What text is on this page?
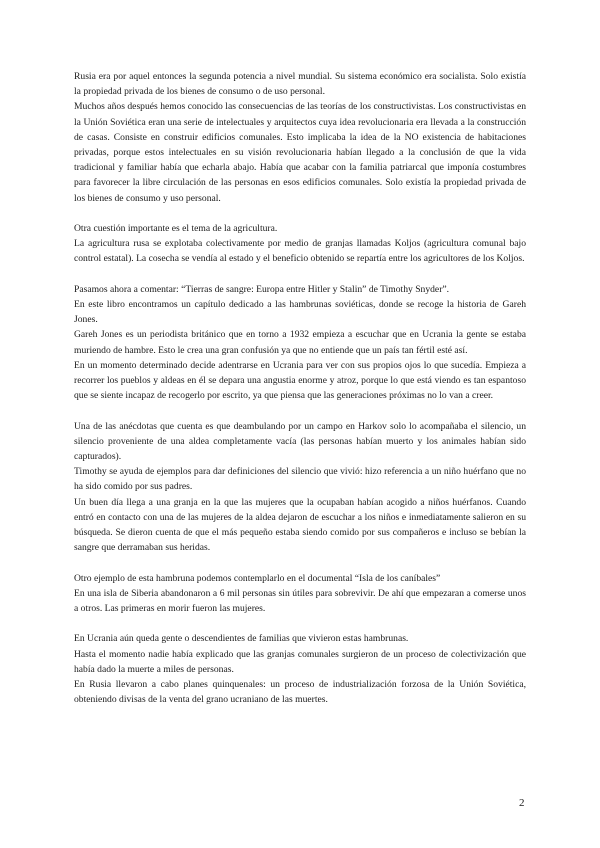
Rusia era por aquel entonces la segunda potencia a nivel mundial. Su sistema económico era socialista. Solo existía la propiedad privada de los bienes de consumo o de uso personal.

Muchos años después hemos conocido las consecuencias de las teorías de los constructivistas. Los constructivistas en la Unión Soviética eran una serie de intelectuales y arquitectos cuya idea revolucionaria era llevada a la construcción de casas. Consiste en construir edificios comunales. Esto implicaba la idea de la NO existencia de habitaciones privadas, porque estos intelectuales en su visión revolucionaria habían llegado a la conclusión de que la vida tradicional y familiar había que echarla abajo. Había que acabar con la familia patriarcal que imponía costumbres para favorecer la libre circulación de las personas en esos edificios comunales. Solo existía la propiedad privada de los bienes de consumo y uso personal.

Otra cuestión importante es el tema de la agricultura.

La agricultura rusa se explotaba colectivamente por medio de granjas llamadas Koljos (agricultura comunal bajo control estatal). La cosecha se vendía al estado y el beneficio obtenido se repartía entre los agricultores de los Koljos.

Pasamos ahora a comentar: “Tierras de sangre: Europa entre Hitler y Stalin” de Timothy Snyder”.

En este libro encontramos un capítulo dedicado a las hambrunas soviéticas, donde se recoge la historia de Gareh Jones.

Gareh Jones es un periodista británico que en torno a 1932 empieza a escuchar que en Ucrania la gente se estaba muriendo de hambre. Esto le crea una gran confusión ya que no entiende que un país tan fértil esté así.

En un momento determinado decide adentrarse en Ucrania para ver con sus propios ojos lo que sucedía. Empieza a recorrer los pueblos y aldeas en él se depara una angustia enorme y atroz, porque lo que está viendo es tan espantoso que se siente incapaz de recogerlo por escrito, ya que piensa que las generaciones próximas no lo van a creer.

Una de las anécdotas que cuenta es que deambulando por un campo en Harkov solo lo acompañaba el silencio, un silencio proveniente de una aldea completamente vacía (las personas habían muerto y los animales habían sido capturados).

Timothy se ayuda de ejemplos para dar definiciones del silencio que vivió: hizo referencia a un niño huérfano que no ha sido comido por sus padres.

Un buen día llega a una granja en la que las mujeres que la ocupaban habían acogido a niños huérfanos. Cuando entró en contacto con una de las mujeres de la aldea dejaron de escuchar a los niños e inmediatamente salieron en su búsqueda. Se dieron cuenta de que el más pequeño estaba siendo comido por sus compañeros e incluso se bebían la sangre que derramaban sus heridas.

Otro ejemplo de esta hambruna podemos contemplarlo en el documental “Isla de los caníbales”

En una isla de Siberia abandonaron a 6 mil personas sin útiles para sobrevivir. De ahí que empezaran a comerse unos a otros. Las primeras en morir fueron las mujeres.

En Ucrania aún queda gente o descendientes de familias que vivieron estas hambrunas.

Hasta el momento nadie había explicado que las granjas comunales surgieron de un proceso de colectivización que había dado la muerte a miles de personas.

En Rusia llevaron a cabo planes quinquenales: un proceso de industrialización forzosa de la Unión Soviética, obteniendo divisas de la venta del grano ucraniano de las muertes.

2
